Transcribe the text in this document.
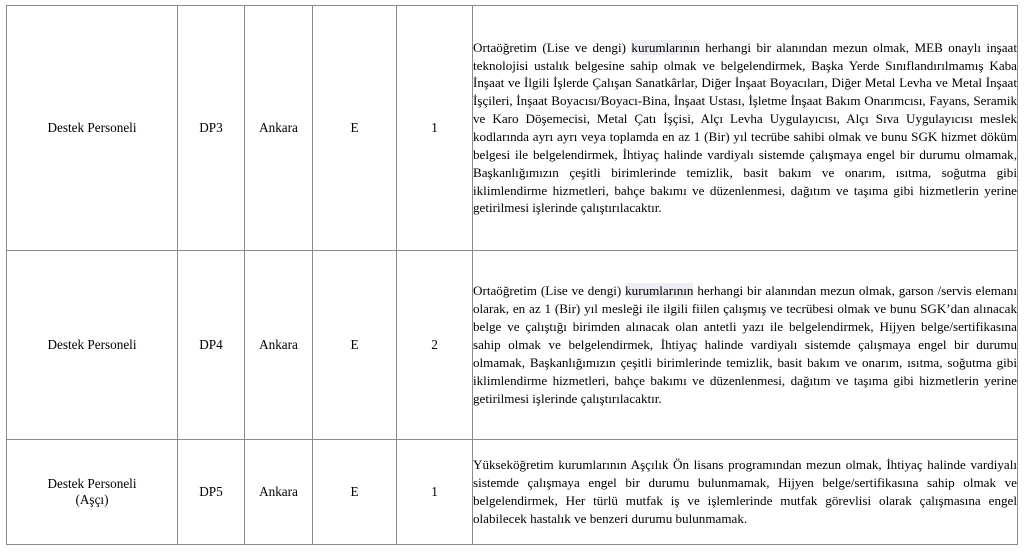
Destek Personeli	DP3	Ankara	E	1	Ortaöğretim (Lise ve dengi) kurumlarının herhangi bir alanından mezun olmak, MEB onaylı inşaat teknolojisi ustalık belgesine sahip olmak ve belgelendirmek, Başka Yerde Sınıflandırılmamış Kaba İnşaat ve İlgili İşlerde Çalışan Sanatkârlar, Diğer İnşaat Boyacıları, Diğer Metal Levha ve Metal İnşaat İşçileri, İnşaat Boyacısı/Boyacı-Bina, İnşaat Ustası, İşletme İnşaat Bakım Onarımcısı, Fayans, Seramik ve Karo Döşemecisi, Metal Çatı İşçisi, Alçı Levha Uygulayıcısı, Alçı Sıva Uygulayıcısı meslek kodlarında ayrı ayrı veya toplamda en az 1 (Bir) yıl tecrübe sahibi olmak ve bunu SGK hizmet döküm belgesi ile belgelendirmek, İhtiyaç halinde vardiyalı sistemde çalışmaya engel bir durumu olmamak, Başkanlığımızın çeşitli birimlerinde temizlik, basit bakım ve onarım, ısıtma, soğutma gibi iklimlendirme hizmetleri, bahçe bakımı ve düzenlenmesi, dağıtım ve taşıma gibi hizmetlerin yerine getirilmesi işlerinde çalıştırılacaktır.

Destek Personeli	DP4	Ankara	E	2	Ortaöğretim (Lise ve dengi) kurumlarının herhangi bir alanından mezun olmak, garson /servis elemanı olarak, en az 1 (Bir) yıl mesleği ile ilgili fiilen çalışmış ve tecrübesi olmak ve bunu SGK’dan alınacak belge ve çalıştığı birimden alınacak olan antetli yazı ile belgelendirmek, Hijyen belge/sertifikasına sahip olmak ve belgelendirmek, İhtiyaç halinde vardiyalı sistemde çalışmaya engel bir durumu olmamak, Başkanlığımızın çeşitli birimlerinde temizlik, basit bakım ve onarım, ısıtma, soğutma gibi iklimlendirme hizmetleri, bahçe bakımı ve düzenlenmesi, dağıtım ve taşıma gibi hizmetlerin yerine getirilmesi işlerinde çalıştırılacaktır.

Destek Personeli
(Aşçı)	DP5	Ankara	E	1	Yükseköğretim kurumlarının Aşçılık Ön lisans programından mezun olmak, İhtiyaç halinde vardiyalı sistemde çalışmaya engel bir durumu bulunmamak, Hijyen belge/sertifikasına sahip olmak ve belgelendirmek, Her türlü mutfak iş ve işlemlerinde mutfak görevlisi olarak çalışmasına engel olabilecek hastalık ve benzeri durumu bulunmamak.
